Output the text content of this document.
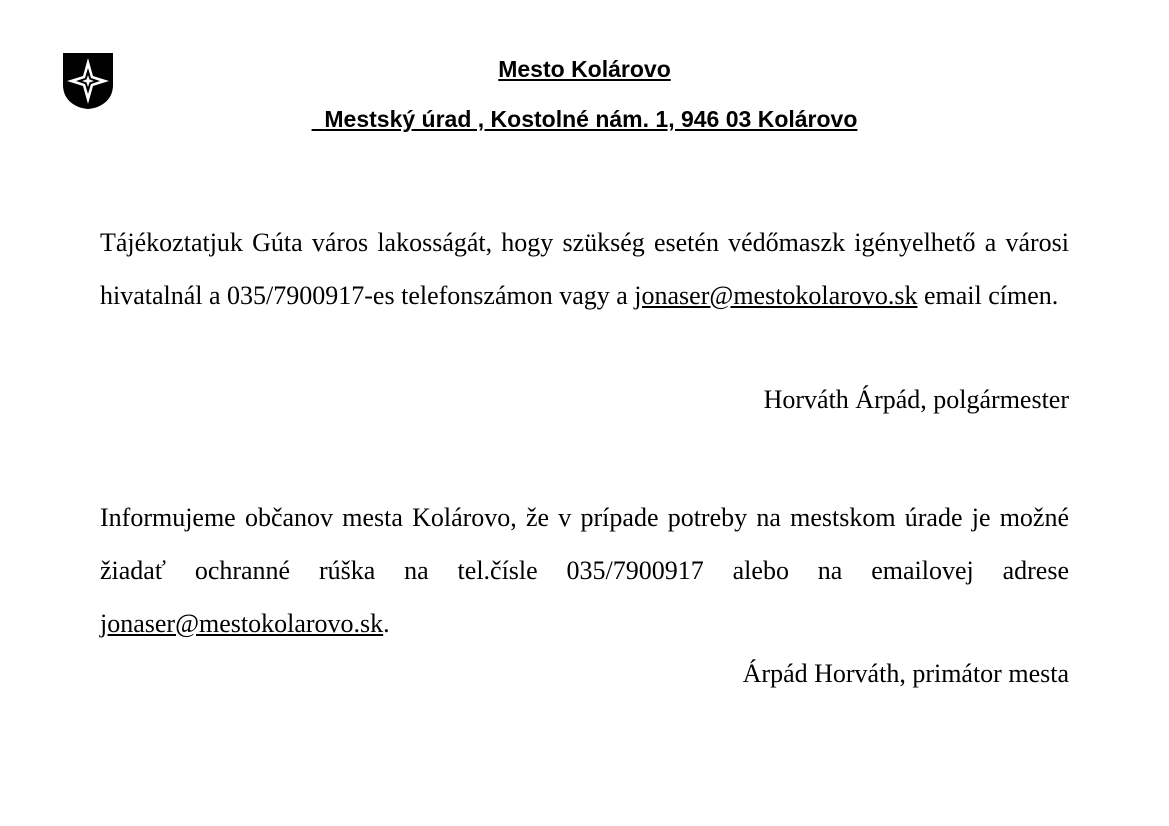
Mesto Kolárovo
Mestský úrad , Kostolné nám. 1, 946 03 Kolárovo
Tájékoztatjuk Gúta város lakosságát, hogy szükség esetén védőmaszk igényelhető a városi hivatalnál a 035/7900917-es telefonszámon vagy a jonaser@mestokolarovo.sk email címen.
Horváth Árpád, polgármester
Informujeme občanov mesta Kolárovo, že v prípade potreby na mestskom úrade je možné žiadať ochranné rúška na tel.čísle 035/7900917 alebo na emailovej adrese jonaser@mestokolarovo.sk.
Árpád Horváth, primátor mesta
